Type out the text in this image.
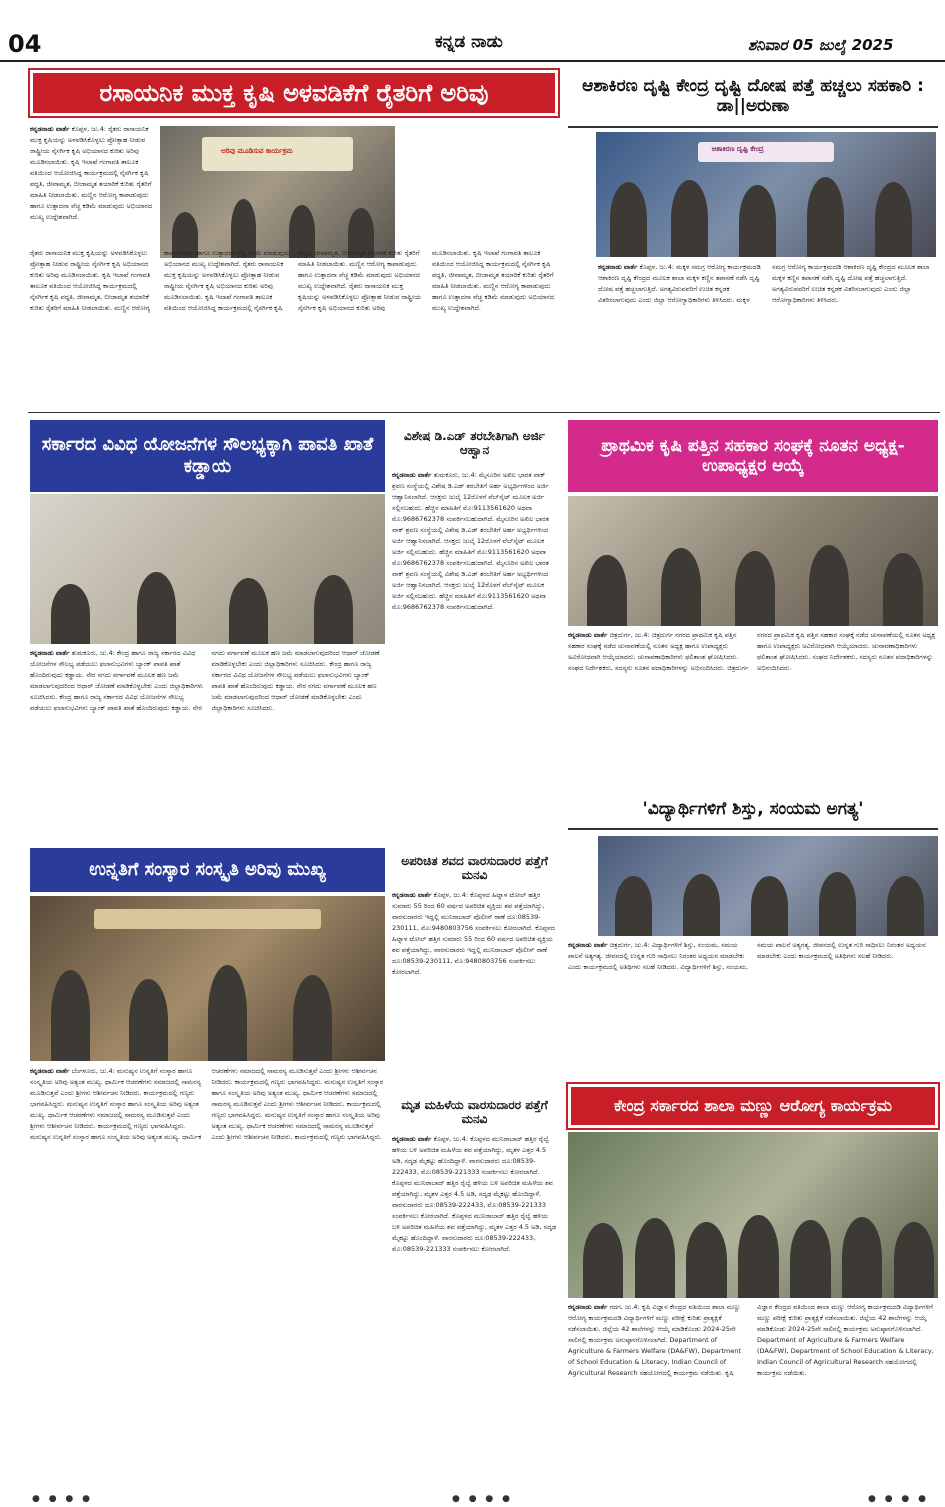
04	ಕನ್ನಡ ನಾಡು	ಶನಿವಾರ 05 ಜುಲೈ 2025
ರಸಾಯನಿಕ ಮುಕ್ತ ಕೃಷಿ ಅಳವಡಿಕೆಗೆ ರೈತರಿಗೆ ಅರಿವು
ಅರಿವು ಮೂಡಿಸುವ ಕಾರ್ಯಕ್ರಮ
ಕನ್ನಡನಾಡು ವಾರ್ತೆ ಕೊಪ್ಪಳ, ಜು.4: ರೈತರು ರಾಸಾಯನಿಕ ಮುಕ್ತ ಕೃಷಿಯನ್ನು ಅಳವಡಿಸಿಕೊಳ್ಳಲು ಪ್ರೋತ್ಸಾಹ ನೀಡುವ ರಾಷ್ಟ್ರೀಯ ನೈಸರ್ಗಿಕ ಕೃಷಿ ಅಭಿಯಾನದ ಕುರಿತು ಅರಿವು ಮೂಡಿಸಲಾಯಿತು. ಕೃಷಿ ಇಲಾಖೆ ಗಂಗಾವತಿ ತಾಲೂಕ ವತಿಯಿಂದ ಆಯೋಜಿಸಿದ್ದ ಕಾರ್ಯಕ್ರಮದಲ್ಲಿ ನೈಸರ್ಗಿಕ ಕೃಷಿ ಪದ್ಧತಿ, ಜೀವಾಮೃತ, ಬೀಜಾಮೃತ ತಯಾರಿಕೆ ಕುರಿತು ರೈತರಿಗೆ ಮಾಹಿತಿ ನೀಡಲಾಯಿತು. ಮಣ್ಣಿನ ಆರೋಗ್ಯ ಕಾಪಾಡುವುದು ಹಾಗೂ ಉತ್ಪಾದನಾ ವೆಚ್ಚ ಕಡಿಮೆ ಮಾಡುವುದು ಅಭಿಯಾನದ ಮುಖ್ಯ ಉದ್ದೇಶವಾಗಿದೆ.
ರೈತರು ರಾಸಾಯನಿಕ ಮುಕ್ತ ಕೃಷಿಯನ್ನು ಅಳವಡಿಸಿಕೊಳ್ಳಲು ಪ್ರೋತ್ಸಾಹ ನೀಡುವ ರಾಷ್ಟ್ರೀಯ ನೈಸರ್ಗಿಕ ಕೃಷಿ ಅಭಿಯಾನದ ಕುರಿತು ಅರಿವು ಮೂಡಿಸಲಾಯಿತು. ಕೃಷಿ ಇಲಾಖೆ ಗಂಗಾವತಿ ತಾಲೂಕ ವತಿಯಿಂದ ಆಯೋಜಿಸಿದ್ದ ಕಾರ್ಯಕ್ರಮದಲ್ಲಿ ನೈಸರ್ಗಿಕ ಕೃಷಿ ಪದ್ಧತಿ, ಜೀವಾಮೃತ, ಬೀಜಾಮೃತ ತಯಾರಿಕೆ ಕುರಿತು ರೈತರಿಗೆ ಮಾಹಿತಿ ನೀಡಲಾಯಿತು. ಮಣ್ಣಿನ ಆರೋಗ್ಯ ಕಾಪಾಡುವುದು ಹಾಗೂ ಉತ್ಪಾದನಾ ವೆಚ್ಚ ಕಡಿಮೆ ಮಾಡುವುದು ಅಭಿಯಾನದ ಮುಖ್ಯ ಉದ್ದೇಶವಾಗಿದೆ. ರೈತರು ರಾಸಾಯನಿಕ ಮುಕ್ತ ಕೃಷಿಯನ್ನು ಅಳವಡಿಸಿಕೊಳ್ಳಲು ಪ್ರೋತ್ಸಾಹ ನೀಡುವ ರಾಷ್ಟ್ರೀಯ ನೈಸರ್ಗಿಕ ಕೃಷಿ ಅಭಿಯಾನದ ಕುರಿತು ಅರಿವು ಮೂಡಿಸಲಾಯಿತು. ಕೃಷಿ ಇಲಾಖೆ ಗಂಗಾವತಿ ತಾಲೂಕ ವತಿಯಿಂದ ಆಯೋಜಿಸಿದ್ದ ಕಾರ್ಯಕ್ರಮದಲ್ಲಿ ನೈಸರ್ಗಿಕ ಕೃಷಿ ಪದ್ಧತಿ, ಜೀವಾಮೃತ, ಬೀಜಾಮೃತ ತಯಾರಿಕೆ ಕುರಿತು ರೈತರಿಗೆ ಮಾಹಿತಿ ನೀಡಲಾಯಿತು. ಮಣ್ಣಿನ ಆರೋಗ್ಯ ಕಾಪಾಡುವುದು ಹಾಗೂ ಉತ್ಪಾದನಾ ವೆಚ್ಚ ಕಡಿಮೆ ಮಾಡುವುದು ಅಭಿಯಾನದ ಮುಖ್ಯ ಉದ್ದೇಶವಾಗಿದೆ. ರೈತರು ರಾಸಾಯನಿಕ ಮುಕ್ತ ಕೃಷಿಯನ್ನು ಅಳವಡಿಸಿಕೊಳ್ಳಲು ಪ್ರೋತ್ಸಾಹ ನೀಡುವ ರಾಷ್ಟ್ರೀಯ ನೈಸರ್ಗಿಕ ಕೃಷಿ ಅಭಿಯಾನದ ಕುರಿತು ಅರಿವು ಮೂಡಿಸಲಾಯಿತು. ಕೃಷಿ ಇಲಾಖೆ ಗಂಗಾವತಿ ತಾಲೂಕ ವತಿಯಿಂದ ಆಯೋಜಿಸಿದ್ದ ಕಾರ್ಯಕ್ರಮದಲ್ಲಿ ನೈಸರ್ಗಿಕ ಕೃಷಿ ಪದ್ಧತಿ, ಜೀವಾಮೃತ, ಬೀಜಾಮೃತ ತಯಾರಿಕೆ ಕುರಿತು ರೈತರಿಗೆ ಮಾಹಿತಿ ನೀಡಲಾಯಿತು. ಮಣ್ಣಿನ ಆರೋಗ್ಯ ಕಾಪಾಡುವುದು ಹಾಗೂ ಉತ್ಪಾದನಾ ವೆಚ್ಚ ಕಡಿಮೆ ಮಾಡುವುದು ಅಭಿಯಾನದ ಮುಖ್ಯ ಉದ್ದೇಶವಾಗಿದೆ.
ಆಶಾಕಿರಣ ದೃಷ್ಟಿ ಕೇಂದ್ರ ದೃಷ್ಟಿ ದೋಷ ಪತ್ತೆ ಹಚ್ಚಲು ಸಹಕಾರಿ : ಡಾ||ಅರುಣಾ
ಆಶಾಕಿರಣ ದೃಷ್ಟಿ ಕೇಂದ್ರ
ಕನ್ನಡನಾಡು ವಾರ್ತೆ ಕೊಪ್ಪಳ, ಜು.4: ಮಕ್ಕಳ ಸಮಗ್ರ ಆರೋಗ್ಯ ಕಾರ್ಯಕ್ರಮದಡಿ ಆಶಾಕಿರಣ ದೃಷ್ಟಿ ಕೇಂದ್ರದ ಮೂಲಕ ಶಾಲಾ ಮಕ್ಕಳ ಕಣ್ಣಿನ ತಪಾಸಣೆ ನಡೆಸಿ ದೃಷ್ಟಿ ದೋಷ ಪತ್ತೆ ಹಚ್ಚಲಾಗುತ್ತಿದೆ. ಅಗತ್ಯವಿರುವವರಿಗೆ ಉಚಿತ ಕನ್ನಡಕ ವಿತರಿಸಲಾಗುವುದು ಎಂದು ಜಿಲ್ಲಾ ಆರೋಗ್ಯಾಧಿಕಾರಿಗಳು ತಿಳಿಸಿದರು. ಮಕ್ಕಳ ಸಮಗ್ರ ಆರೋಗ್ಯ ಕಾರ್ಯಕ್ರಮದಡಿ ಆಶಾಕಿರಣ ದೃಷ್ಟಿ ಕೇಂದ್ರದ ಮೂಲಕ ಶಾಲಾ ಮಕ್ಕಳ ಕಣ್ಣಿನ ತಪಾಸಣೆ ನಡೆಸಿ ದೃಷ್ಟಿ ದೋಷ ಪತ್ತೆ ಹಚ್ಚಲಾಗುತ್ತಿದೆ. ಅಗತ್ಯವಿರುವವರಿಗೆ ಉಚಿತ ಕನ್ನಡಕ ವಿತರಿಸಲಾಗುವುದು ಎಂದು ಜಿಲ್ಲಾ ಆರೋಗ್ಯಾಧಿಕಾರಿಗಳು ತಿಳಿಸಿದರು.
ಸರ್ಕಾರದ ವಿವಿಧ ಯೋಜನೆಗಳ ಸೌಲಭ್ಯಕ್ಕಾಗಿ ಪಾವತಿ ಖಾತೆ ಕಡ್ಡಾಯ
ಕನ್ನಡನಾಡು ವಾರ್ತೆ ತುಮಕೂರು, ಜು.4: ಕೇಂದ್ರ ಹಾಗೂ ರಾಜ್ಯ ಸರ್ಕಾರದ ವಿವಿಧ ಯೋಜನೆಗಳ ಸೌಲಭ್ಯ ಪಡೆಯಲು ಫಲಾನುಭವಿಗಳು ಬ್ಯಾಂಕ್ ಪಾವತಿ ಖಾತೆ ಹೊಂದಿರುವುದು ಕಡ್ಡಾಯ. ನೇರ ನಗದು ವರ್ಗಾವಣೆ ಮೂಲಕ ಹಣ ಜಮೆ ಮಾಡಲಾಗುವುದರಿಂದ ಆಧಾರ್ ಜೋಡಣೆ ಮಾಡಿಕೊಳ್ಳಬೇಕು ಎಂದು ಜಿಲ್ಲಾಧಿಕಾರಿಗಳು ಸೂಚಿಸಿದರು. ಕೇಂದ್ರ ಹಾಗೂ ರಾಜ್ಯ ಸರ್ಕಾರದ ವಿವಿಧ ಯೋಜನೆಗಳ ಸೌಲಭ್ಯ ಪಡೆಯಲು ಫಲಾನುಭವಿಗಳು ಬ್ಯಾಂಕ್ ಪಾವತಿ ಖಾತೆ ಹೊಂದಿರುವುದು ಕಡ್ಡಾಯ. ನೇರ ನಗದು ವರ್ಗಾವಣೆ ಮೂಲಕ ಹಣ ಜಮೆ ಮಾಡಲಾಗುವುದರಿಂದ ಆಧಾರ್ ಜೋಡಣೆ ಮಾಡಿಕೊಳ್ಳಬೇಕು ಎಂದು ಜಿಲ್ಲಾಧಿಕಾರಿಗಳು ಸೂಚಿಸಿದರು. ಕೇಂದ್ರ ಹಾಗೂ ರಾಜ್ಯ ಸರ್ಕಾರದ ವಿವಿಧ ಯೋಜನೆಗಳ ಸೌಲಭ್ಯ ಪಡೆಯಲು ಫಲಾನುಭವಿಗಳು ಬ್ಯಾಂಕ್ ಪಾವತಿ ಖಾತೆ ಹೊಂದಿರುವುದು ಕಡ್ಡಾಯ. ನೇರ ನಗದು ವರ್ಗಾವಣೆ ಮೂಲಕ ಹಣ ಜಮೆ ಮಾಡಲಾಗುವುದರಿಂದ ಆಧಾರ್ ಜೋಡಣೆ ಮಾಡಿಕೊಳ್ಳಬೇಕು ಎಂದು ಜಿಲ್ಲಾಧಿಕಾರಿಗಳು ಸೂಚಿಸಿದರು.
ವಿಶೇಷ ಡಿ.ಎಡ್ ತರಬೇತಿಗಾಗಿ ಅರ್ಜಿ ಆಹ್ವಾನ
ಕನ್ನಡನಾಡು ವಾರ್ತೆ ತುಮಕೂರು, ಜು.4: ಮೈಸೂರಿನ ಅಖಿಲ ಭಾರತ ವಾಕ್ ಶ್ರವಣ ಸಂಸ್ಥೆಯಲ್ಲಿ ವಿಶೇಷ ಡಿ.ಎಡ್ ತರಬೇತಿಗೆ ಅರ್ಹ ಅಭ್ಯರ್ಥಿಗಳಿಂದ ಅರ್ಜಿ ಆಹ್ವಾನಿಸಲಾಗಿದೆ. ಆಸಕ್ತರು ಜುಲೈ 12ರೊಳಗೆ ವೆಬ್‌ಸೈಟ್ ಮೂಲಕ ಅರ್ಜಿ ಸಲ್ಲಿಸಬಹುದು. ಹೆಚ್ಚಿನ ಮಾಹಿತಿಗೆ ಮೊ:9113561620 ಅಥವಾ ಮೊ:9686762378 ಸಂಪರ್ಕಿಸಬಹುದಾಗಿದೆ. ಮೈಸೂರಿನ ಅಖಿಲ ಭಾರತ ವಾಕ್ ಶ್ರವಣ ಸಂಸ್ಥೆಯಲ್ಲಿ ವಿಶೇಷ ಡಿ.ಎಡ್ ತರಬೇತಿಗೆ ಅರ್ಹ ಅಭ್ಯರ್ಥಿಗಳಿಂದ ಅರ್ಜಿ ಆಹ್ವಾನಿಸಲಾಗಿದೆ. ಆಸಕ್ತರು ಜುಲೈ 12ರೊಳಗೆ ವೆಬ್‌ಸೈಟ್ ಮೂಲಕ ಅರ್ಜಿ ಸಲ್ಲಿಸಬಹುದು. ಹೆಚ್ಚಿನ ಮಾಹಿತಿಗೆ ಮೊ:9113561620 ಅಥವಾ ಮೊ:9686762378 ಸಂಪರ್ಕಿಸಬಹುದಾಗಿದೆ. ಮೈಸೂರಿನ ಅಖಿಲ ಭಾರತ ವಾಕ್ ಶ್ರವಣ ಸಂಸ್ಥೆಯಲ್ಲಿ ವಿಶೇಷ ಡಿ.ಎಡ್ ತರಬೇತಿಗೆ ಅರ್ಹ ಅಭ್ಯರ್ಥಿಗಳಿಂದ ಅರ್ಜಿ ಆಹ್ವಾನಿಸಲಾಗಿದೆ. ಆಸಕ್ತರು ಜುಲೈ 12ರೊಳಗೆ ವೆಬ್‌ಸೈಟ್ ಮೂಲಕ ಅರ್ಜಿ ಸಲ್ಲಿಸಬಹುದು. ಹೆಚ್ಚಿನ ಮಾಹಿತಿಗೆ ಮೊ:9113561620 ಅಥವಾ ಮೊ:9686762378 ಸಂಪರ್ಕಿಸಬಹುದಾಗಿದೆ.
ಪ್ರಾಥಮಿಕ ಕೃಷಿ ಪತ್ತಿನ ಸಹಕಾರ ಸಂಘಕ್ಕೆ ನೂತನ ಅಧ್ಯಕ್ಷ-ಉಪಾಧ್ಯಕ್ಷರ ಆಯ್ಕೆ
ಕನ್ನಡನಾಡು ವಾರ್ತೆ ಚಿತ್ರದುರ್ಗ, ಜು.4: ಚಿತ್ರದುರ್ಗ ನಗರದ ಪ್ರಾಥಮಿಕ ಕೃಷಿ ಪತ್ತಿನ ಸಹಕಾರ ಸಂಘಕ್ಕೆ ನಡೆದ ಚುನಾವಣೆಯಲ್ಲಿ ನೂತನ ಅಧ್ಯಕ್ಷ ಹಾಗೂ ಉಪಾಧ್ಯಕ್ಷರು ಅವಿರೋಧವಾಗಿ ಆಯ್ಕೆಯಾದರು. ಚುನಾವಣಾಧಿಕಾರಿಗಳು ಫಲಿತಾಂಶ ಘೋಷಿಸಿದರು. ಸಂಘದ ನಿರ್ದೇಶಕರು, ಸದಸ್ಯರು ನೂತನ ಪದಾಧಿಕಾರಿಗಳನ್ನು ಅಭಿನಂದಿಸಿದರು. ಚಿತ್ರದುರ್ಗ ನಗರದ ಪ್ರಾಥಮಿಕ ಕೃಷಿ ಪತ್ತಿನ ಸಹಕಾರ ಸಂಘಕ್ಕೆ ನಡೆದ ಚುನಾವಣೆಯಲ್ಲಿ ನೂತನ ಅಧ್ಯಕ್ಷ ಹಾಗೂ ಉಪಾಧ್ಯಕ್ಷರು ಅವಿರೋಧವಾಗಿ ಆಯ್ಕೆಯಾದರು. ಚುನಾವಣಾಧಿಕಾರಿಗಳು ಫಲಿತಾಂಶ ಘೋಷಿಸಿದರು. ಸಂಘದ ನಿರ್ದೇಶಕರು, ಸದಸ್ಯರು ನೂತನ ಪದಾಧಿಕಾರಿಗಳನ್ನು ಅಭಿನಂದಿಸಿದರು.
ಅಪರಿಚಿತ ಶವದ ವಾರಸುದಾರರ ಪತ್ತೆಗೆ ಮನವಿ
ಕನ್ನಡನಾಡು ವಾರ್ತೆ ಕೊಪ್ಪಳ, ಜು.4: ಕೊಪ್ಪಳದ ಹಿಟ್ನಾಳ ಟೋಲ್ ಹತ್ತಿರ ಸುಮಾರು 55 ರಿಂದ 60 ವರ್ಷದ ಅಪರಿಚಿತ ವ್ಯಕ್ತಿಯ ಶವ ಪತ್ತೆಯಾಗಿದ್ದು, ವಾರಸುದಾರರು ಇದ್ದಲ್ಲಿ ಮುನಿರಾಬಾದ್ ಪೊಲೀಸ್ ಠಾಣೆ ದೂ:08539-230111, ಮೊ:9480803756 ಸಂಪರ್ಕಿಸಲು ಕೋರಲಾಗಿದೆ. ಕೊಪ್ಪಳದ ಹಿಟ್ನಾಳ ಟೋಲ್ ಹತ್ತಿರ ಸುಮಾರು 55 ರಿಂದ 60 ವರ್ಷದ ಅಪರಿಚಿತ ವ್ಯಕ್ತಿಯ ಶವ ಪತ್ತೆಯಾಗಿದ್ದು, ವಾರಸುದಾರರು ಇದ್ದಲ್ಲಿ ಮುನಿರಾಬಾದ್ ಪೊಲೀಸ್ ಠಾಣೆ ದೂ:08539-230111, ಮೊ:9480803756 ಸಂಪರ್ಕಿಸಲು ಕೋರಲಾಗಿದೆ.
ಮೃತ ಮಹಿಳೆಯ ವಾರಸುದಾರರ ಪತ್ತೆಗೆ ಮನವಿ
ಕನ್ನಡನಾಡು ವಾರ್ತೆ ಕೊಪ್ಪಳ, ಜು.4: ಕೊಪ್ಪಳದ ಮುನಿರಾಬಾದ್ ಹತ್ತಿರ ರೈಲ್ವೆ ಹಳಿಯ ಬಳಿ ಅಪರಿಚಿತ ಮಹಿಳೆಯ ಶವ ಪತ್ತೆಯಾಗಿದ್ದು, ಮೃತಳ ಎತ್ತರ 4.5 ಅಡಿ, ಸದೃಢ ಮೈಕಟ್ಟು ಹೊಂದಿದ್ದಾಳೆ. ವಾರಸುದಾರರು ದೂ:08539-222433, ಮೊ:08539-221333 ಸಂಪರ್ಕಿಸಲು ಕೋರಲಾಗಿದೆ. ಕೊಪ್ಪಳದ ಮುನಿರಾಬಾದ್ ಹತ್ತಿರ ರೈಲ್ವೆ ಹಳಿಯ ಬಳಿ ಅಪರಿಚಿತ ಮಹಿಳೆಯ ಶವ ಪತ್ತೆಯಾಗಿದ್ದು, ಮೃತಳ ಎತ್ತರ 4.5 ಅಡಿ, ಸದೃಢ ಮೈಕಟ್ಟು ಹೊಂದಿದ್ದಾಳೆ. ವಾರಸುದಾರರು ದೂ:08539-222433, ಮೊ:08539-221333 ಸಂಪರ್ಕಿಸಲು ಕೋರಲಾಗಿದೆ. ಕೊಪ್ಪಳದ ಮುನಿರಾಬಾದ್ ಹತ್ತಿರ ರೈಲ್ವೆ ಹಳಿಯ ಬಳಿ ಅಪರಿಚಿತ ಮಹಿಳೆಯ ಶವ ಪತ್ತೆಯಾಗಿದ್ದು, ಮೃತಳ ಎತ್ತರ 4.5 ಅಡಿ, ಸದೃಢ ಮೈಕಟ್ಟು ಹೊಂದಿದ್ದಾಳೆ. ವಾರಸುದಾರರು ದೂ:08539-222433, ಮೊ:08539-221333 ಸಂಪರ್ಕಿಸಲು ಕೋರಲಾಗಿದೆ.
'ವಿದ್ಯಾರ್ಥಿಗಳಿಗೆ ಶಿಸ್ತು, ಸಂಯಮ ಅಗತ್ಯ'
ಕನ್ನಡನಾಡು ವಾರ್ತೆ ಚಿತ್ರದುರ್ಗ, ಜು.4: ವಿದ್ಯಾರ್ಥಿಗಳಿಗೆ ಶಿಸ್ತು, ಸಂಯಮ, ಸಮಯ ಪಾಲನೆ ಅತ್ಯಗತ್ಯ. ಜೀವನದಲ್ಲಿ ಉನ್ನತ ಗುರಿ ಸಾಧಿಸಲು ನಿರಂತರ ಅಧ್ಯಯನ ಮಾಡಬೇಕು ಎಂದು ಕಾರ್ಯಕ್ರಮದಲ್ಲಿ ಅತಿಥಿಗಳು ಸಲಹೆ ನೀಡಿದರು. ವಿದ್ಯಾರ್ಥಿಗಳಿಗೆ ಶಿಸ್ತು, ಸಂಯಮ, ಸಮಯ ಪಾಲನೆ ಅತ್ಯಗತ್ಯ. ಜೀವನದಲ್ಲಿ ಉನ್ನತ ಗುರಿ ಸಾಧಿಸಲು ನಿರಂತರ ಅಧ್ಯಯನ ಮಾಡಬೇಕು ಎಂದು ಕಾರ್ಯಕ್ರಮದಲ್ಲಿ ಅತಿಥಿಗಳು ಸಲಹೆ ನೀಡಿದರು.
ಉನ್ನತಿಗೆ ಸಂಸ್ಕಾರ ಸಂಸ್ಕೃತಿ ಅರಿವು ಮುಖ್ಯ
ಕನ್ನಡನಾಡು ವಾರ್ತೆ ಬೆಂಗಳೂರು, ಜು.4: ಮನುಷ್ಯನ ಉನ್ನತಿಗೆ ಸಂಸ್ಕಾರ ಹಾಗೂ ಸಂಸ್ಕೃತಿಯ ಅರಿವು ಅತ್ಯಂತ ಮುಖ್ಯ. ಧಾರ್ಮಿಕ ಆಚರಣೆಗಳು ಸಮಾಜದಲ್ಲಿ ಸಾಮರಸ್ಯ ಮೂಡಿಸುತ್ತವೆ ಎಂದು ಶ್ರೀಗಳು ಆಶೀರ್ವಚನ ನೀಡಿದರು. ಕಾರ್ಯಕ್ರಮದಲ್ಲಿ ಗಣ್ಯರು ಭಾಗವಹಿಸಿದ್ದರು. ಮನುಷ್ಯನ ಉನ್ನತಿಗೆ ಸಂಸ್ಕಾರ ಹಾಗೂ ಸಂಸ್ಕೃತಿಯ ಅರಿವು ಅತ್ಯಂತ ಮುಖ್ಯ. ಧಾರ್ಮಿಕ ಆಚರಣೆಗಳು ಸಮಾಜದಲ್ಲಿ ಸಾಮರಸ್ಯ ಮೂಡಿಸುತ್ತವೆ ಎಂದು ಶ್ರೀಗಳು ಆಶೀರ್ವಚನ ನೀಡಿದರು. ಕಾರ್ಯಕ್ರಮದಲ್ಲಿ ಗಣ್ಯರು ಭಾಗವಹಿಸಿದ್ದರು. ಮನುಷ್ಯನ ಉನ್ನತಿಗೆ ಸಂಸ್ಕಾರ ಹಾಗೂ ಸಂಸ್ಕೃತಿಯ ಅರಿವು ಅತ್ಯಂತ ಮುಖ್ಯ. ಧಾರ್ಮಿಕ ಆಚರಣೆಗಳು ಸಮಾಜದಲ್ಲಿ ಸಾಮರಸ್ಯ ಮೂಡಿಸುತ್ತವೆ ಎಂದು ಶ್ರೀಗಳು ಆಶೀರ್ವಚನ ನೀಡಿದರು. ಕಾರ್ಯಕ್ರಮದಲ್ಲಿ ಗಣ್ಯರು ಭಾಗವಹಿಸಿದ್ದರು. ಮನುಷ್ಯನ ಉನ್ನತಿಗೆ ಸಂಸ್ಕಾರ ಹಾಗೂ ಸಂಸ್ಕೃತಿಯ ಅರಿವು ಅತ್ಯಂತ ಮುಖ್ಯ. ಧಾರ್ಮಿಕ ಆಚರಣೆಗಳು ಸಮಾಜದಲ್ಲಿ ಸಾಮರಸ್ಯ ಮೂಡಿಸುತ್ತವೆ ಎಂದು ಶ್ರೀಗಳು ಆಶೀರ್ವಚನ ನೀಡಿದರು. ಕಾರ್ಯಕ್ರಮದಲ್ಲಿ ಗಣ್ಯರು ಭಾಗವಹಿಸಿದ್ದರು. ಮನುಷ್ಯನ ಉನ್ನತಿಗೆ ಸಂಸ್ಕಾರ ಹಾಗೂ ಸಂಸ್ಕೃತಿಯ ಅರಿವು ಅತ್ಯಂತ ಮುಖ್ಯ. ಧಾರ್ಮಿಕ ಆಚರಣೆಗಳು ಸಮಾಜದಲ್ಲಿ ಸಾಮರಸ್ಯ ಮೂಡಿಸುತ್ತವೆ ಎಂದು ಶ್ರೀಗಳು ಆಶೀರ್ವಚನ ನೀಡಿದರು. ಕಾರ್ಯಕ್ರಮದಲ್ಲಿ ಗಣ್ಯರು ಭಾಗವಹಿಸಿದ್ದರು.
ಕೇಂದ್ರ ಸರ್ಕಾರದ ಶಾಲಾ ಮಣ್ಣು ಆರೋಗ್ಯ ಕಾರ್ಯಕ್ರಮ
ಕನ್ನಡನಾಡು ವಾರ್ತೆ ಗದಗ, ಜು.4: ಕೃಷಿ ವಿಜ್ಞಾನ ಕೇಂದ್ರದ ವತಿಯಿಂದ ಶಾಲಾ ಮಣ್ಣು ಆರೋಗ್ಯ ಕಾರ್ಯಕ್ರಮದಡಿ ವಿದ್ಯಾರ್ಥಿಗಳಿಗೆ ಮಣ್ಣು ಪರೀಕ್ಷೆ ಕುರಿತು ಪ್ರಾತ್ಯಕ್ಷಿಕೆ ನಡೆಸಲಾಯಿತು. ಜಿಲ್ಲೆಯ 42 ಶಾಲೆಗಳನ್ನು ಆಯ್ಕೆ ಮಾಡಿಕೊಂಡು 2024-25ನೇ ಸಾಲಿನಲ್ಲಿ ಕಾರ್ಯಕ್ರಮ ಅನುಷ್ಠಾನಗೊಳಿಸಲಾಗಿದೆ. Department of Agriculture & Farmers Welfare (DA&FW), Department of School Education & Literacy, Indian Council of Agricultural Research ಸಹಯೋಗದಲ್ಲಿ ಕಾರ್ಯಕ್ರಮ ನಡೆಯಿತು. ಕೃಷಿ ವಿಜ್ಞಾನ ಕೇಂದ್ರದ ವತಿಯಿಂದ ಶಾಲಾ ಮಣ್ಣು ಆರೋಗ್ಯ ಕಾರ್ಯಕ್ರಮದಡಿ ವಿದ್ಯಾರ್ಥಿಗಳಿಗೆ ಮಣ್ಣು ಪರೀಕ್ಷೆ ಕುರಿತು ಪ್ರಾತ್ಯಕ್ಷಿಕೆ ನಡೆಸಲಾಯಿತು. ಜಿಲ್ಲೆಯ 42 ಶಾಲೆಗಳನ್ನು ಆಯ್ಕೆ ಮಾಡಿಕೊಂಡು 2024-25ನೇ ಸಾಲಿನಲ್ಲಿ ಕಾರ್ಯಕ್ರಮ ಅನುಷ್ಠಾನಗೊಳಿಸಲಾಗಿದೆ. Department of Agriculture & Farmers Welfare (DA&FW), Department of School Education & Literacy, Indian Council of Agricultural Research ಸಹಯೋಗದಲ್ಲಿ ಕಾರ್ಯಕ್ರಮ ನಡೆಯಿತು.
● ● ● ●	● ● ● ●	● ● ● ●
